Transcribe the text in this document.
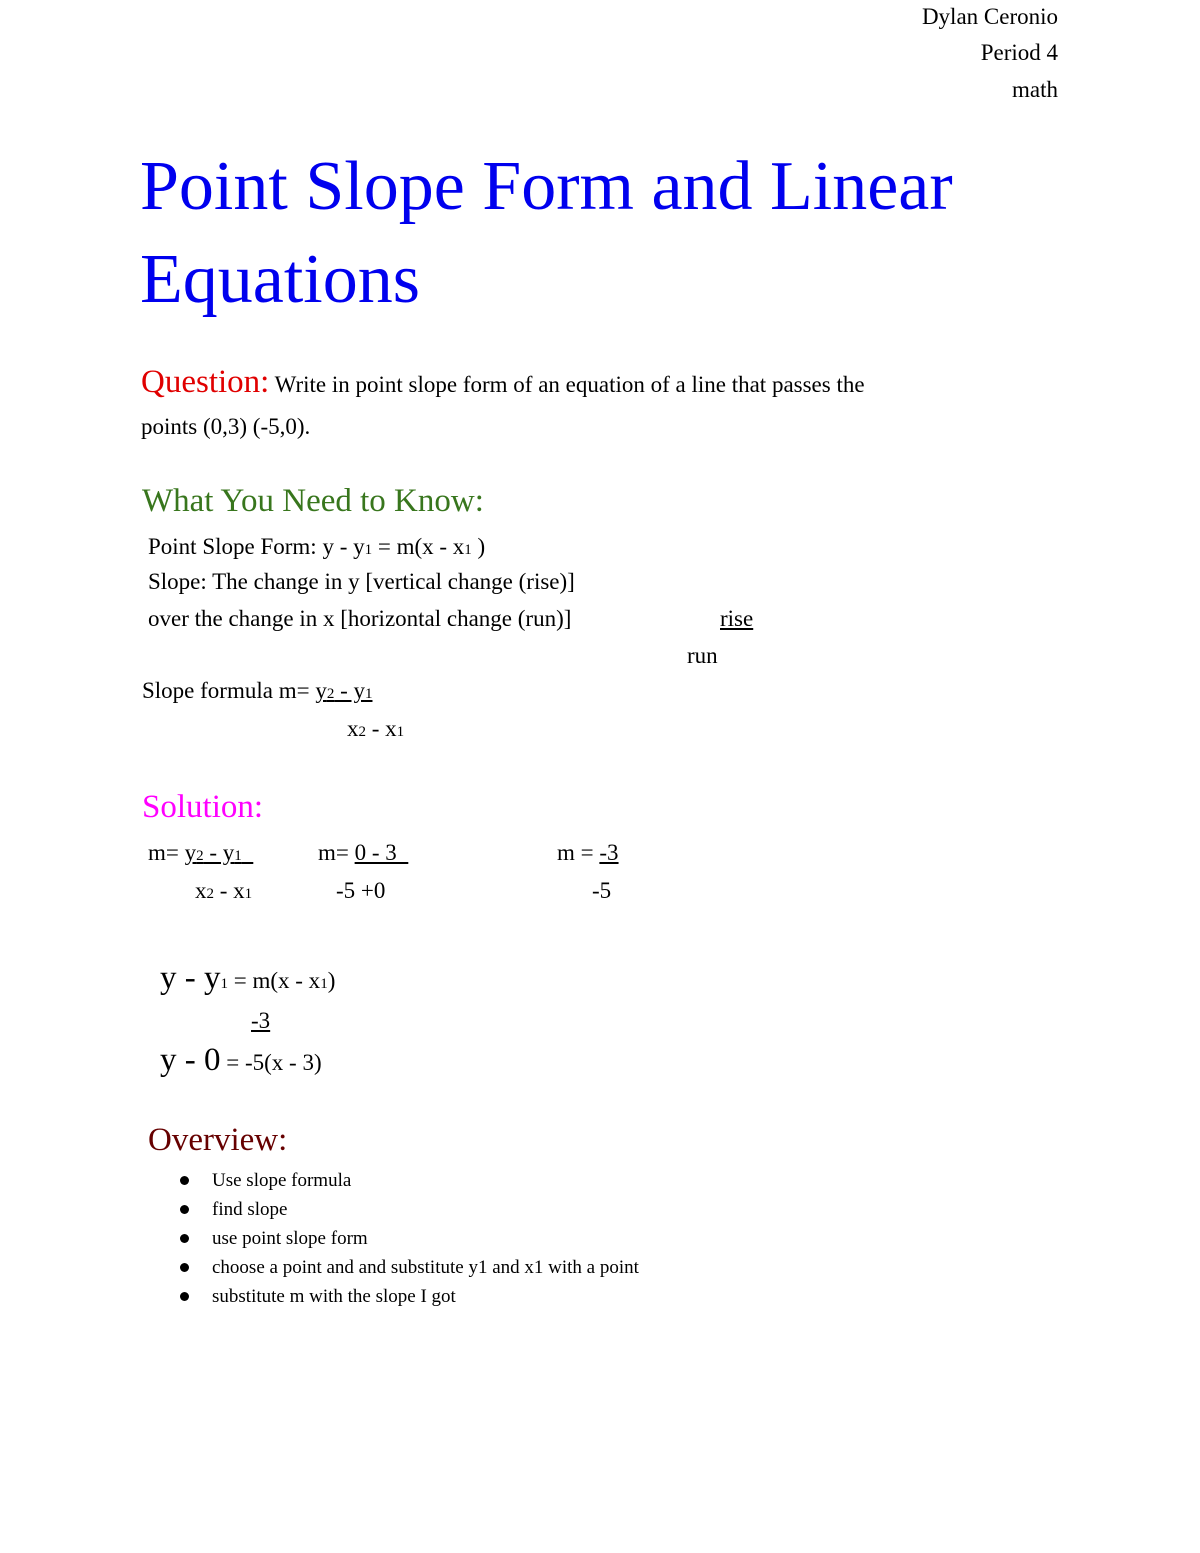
Dylan Ceronio
Period 4
math
Point Slope Form and Linear
Equations
Question: Write in point slope form of an equation of a line that passes the
points (0,3) (-5,0).
What You Need to Know:
Point Slope Form: y - y1 = m(x - x1 )
Slope: The change in y [vertical change (rise)]
over the change in x [horizontal change (run)]	rise
run
Slope formula m= y2 - y1
x2 - x1
Solution:
m= y2 - y1
x2 - x1
m= 0 - 3
-5 +0
m = -3
-5
y - y1 = m(x - x1)
-3
y - 0 = -5(x - 3)
Overview:
Use slope formula
find slope
use point slope form
choose a point and and substitute y1 and x1 with a point
substitute m with the slope I got
